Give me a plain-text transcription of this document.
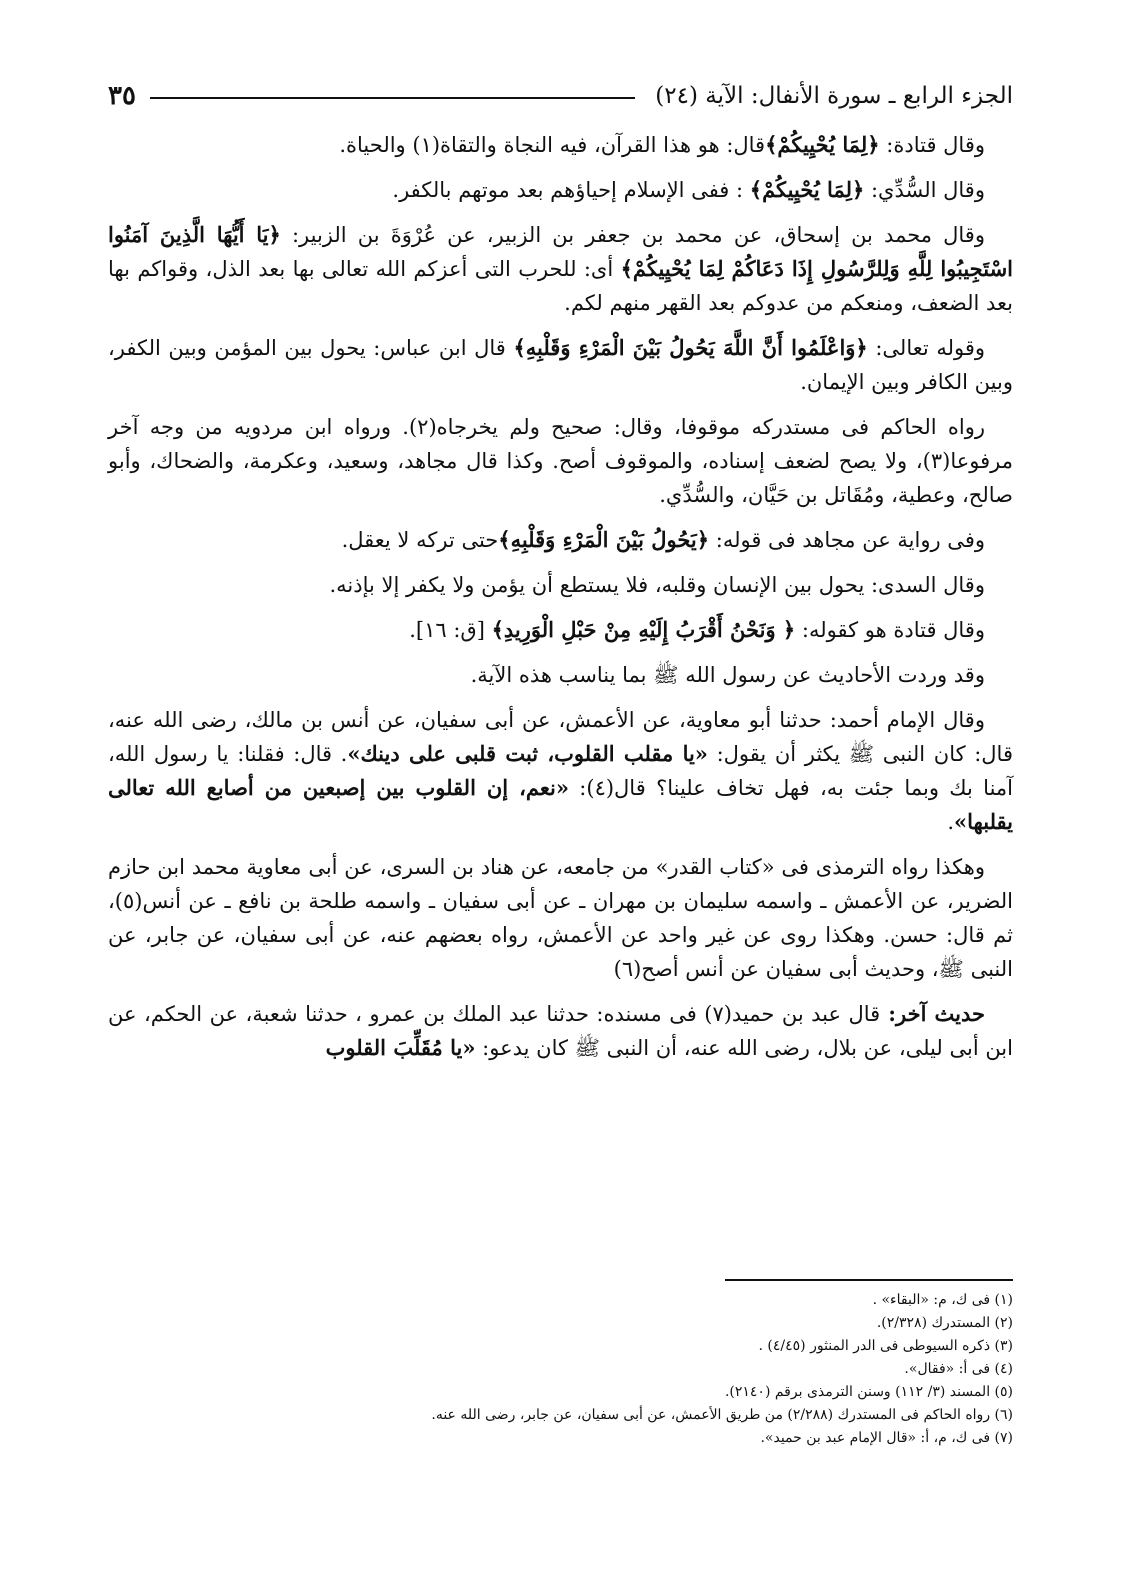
الجزء الرابع ـ سورة الأنفال: الآية (٢٤)
٣٥

وقال قتادة: ﴿لِمَا يُحْيِيكُمْ﴾قال: هو هذا القرآن، فيه النجاة والتقاة(١) والحياة.

وقال السُّدِّي: ﴿لِمَا يُحْيِيكُمْ﴾ : ففى الإسلام إحياؤهم بعد موتهم بالكفر.

وقال محمد بن إسحاق، عن محمد بن جعفر بن الزبير، عن عُرْوَةَ بن الزبير: ﴿يَا أَيُّهَا الَّذِينَ آمَنُوا اسْتَجِيبُوا لِلَّهِ وَلِلرَّسُولِ إِذَا دَعَاكُمْ لِمَا يُحْيِيكُمْ﴾ أى: للحرب التى أعزكم الله تعالى بها بعد الذل، وقواكم بها بعد الضعف، ومنعكم من عدوكم بعد القهر منهم لكم.

وقوله تعالى: ﴿وَاعْلَمُوا أَنَّ اللَّهَ يَحُولُ بَيْنَ الْمَرْءِ وَقَلْبِهِ﴾ قال ابن عباس: يحول بين المؤمن وبين الكفر، وبين الكافر وبين الإيمان.

رواه الحاكم فى مستدركه موقوفا، وقال: صحيح ولم يخرجاه(٢). ورواه ابن مردويه من وجه آخر مرفوعا(٣)، ولا يصح لضعف إسناده، والموقوف أصح. وكذا قال مجاهد، وسعيد، وعكرمة، والضحاك، وأبو صالح، وعطية، ومُقَاتل بن حَيَّان، والسُّدِّي.

وفى رواية عن مجاهد فى قوله: ﴿يَحُولُ بَيْنَ الْمَرْءِ وَقَلْبِهِ﴾حتى تركه لا يعقل.

وقال السدى: يحول بين الإنسان وقلبه، فلا يستطع أن يؤمن ولا يكفر إلا بإذنه.

وقال قتادة هو كقوله: ﴿ وَنَحْنُ أَقْرَبُ إِلَيْهِ مِنْ حَبْلِ الْوَرِيدِ﴾ [ق: ١٦].

وقد وردت الأحاديث عن رسول الله ﷺ بما يناسب هذه الآية.

وقال الإمام أحمد: حدثنا أبو معاوية، عن الأعمش، عن أبى سفيان، عن أنس بن مالك، رضى الله عنه، قال: كان النبى ﷺ يكثر أن يقول: «يا مقلب القلوب، ثبت قلبى على دينك». قال: فقلنا: يا رسول الله، آمنا بك وبما جئت به، فهل تخاف علينا؟ قال(٤): «نعم، إن القلوب بين إصبعين من أصابع الله تعالى يقلبها».

وهكذا رواه الترمذى فى «كتاب القدر» من جامعه، عن هناد بن السرى، عن أبى معاوية محمد ابن حازم الضرير، عن الأعمش ـ واسمه سليمان بن مهران ـ عن أبى سفيان ـ واسمه طلحة بن نافع ـ عن أنس(٥)، ثم قال: حسن. وهكذا روى عن غير واحد عن الأعمش، رواه بعضهم عنه، عن أبى سفيان، عن جابر، عن النبى ﷺ، وحديث أبى سفيان عن أنس أصح(٦)

حديث آخر: قال عبد بن حميد(٧) فى مسنده: حدثنا عبد الملك بن عمرو ، حدثنا شعبة، عن الحكم، عن ابن أبى ليلى، عن بلال، رضى الله عنه، أن النبى ﷺ كان يدعو: «يا مُقَلِّبَ القلوب

(١) فى ك، م: «البقاء» .
(٢) المستدرك (٢/٣٢٨).
(٣) ذكره السيوطى فى الدر المنثور (٤/٤٥) .
(٤) فى أ: «فقال».
(٥) المسند (٣/ ١١٢) وسنن الترمذى برقم (٢١٤٠).
(٦) رواه الحاكم فى المستدرك (٢/٢٨٨) من طريق الأعمش، عن أبى سفيان، عن جابر، رضى الله عنه.
(٧) فى ك، م، أ: «قال الإمام عبد بن حميد».
